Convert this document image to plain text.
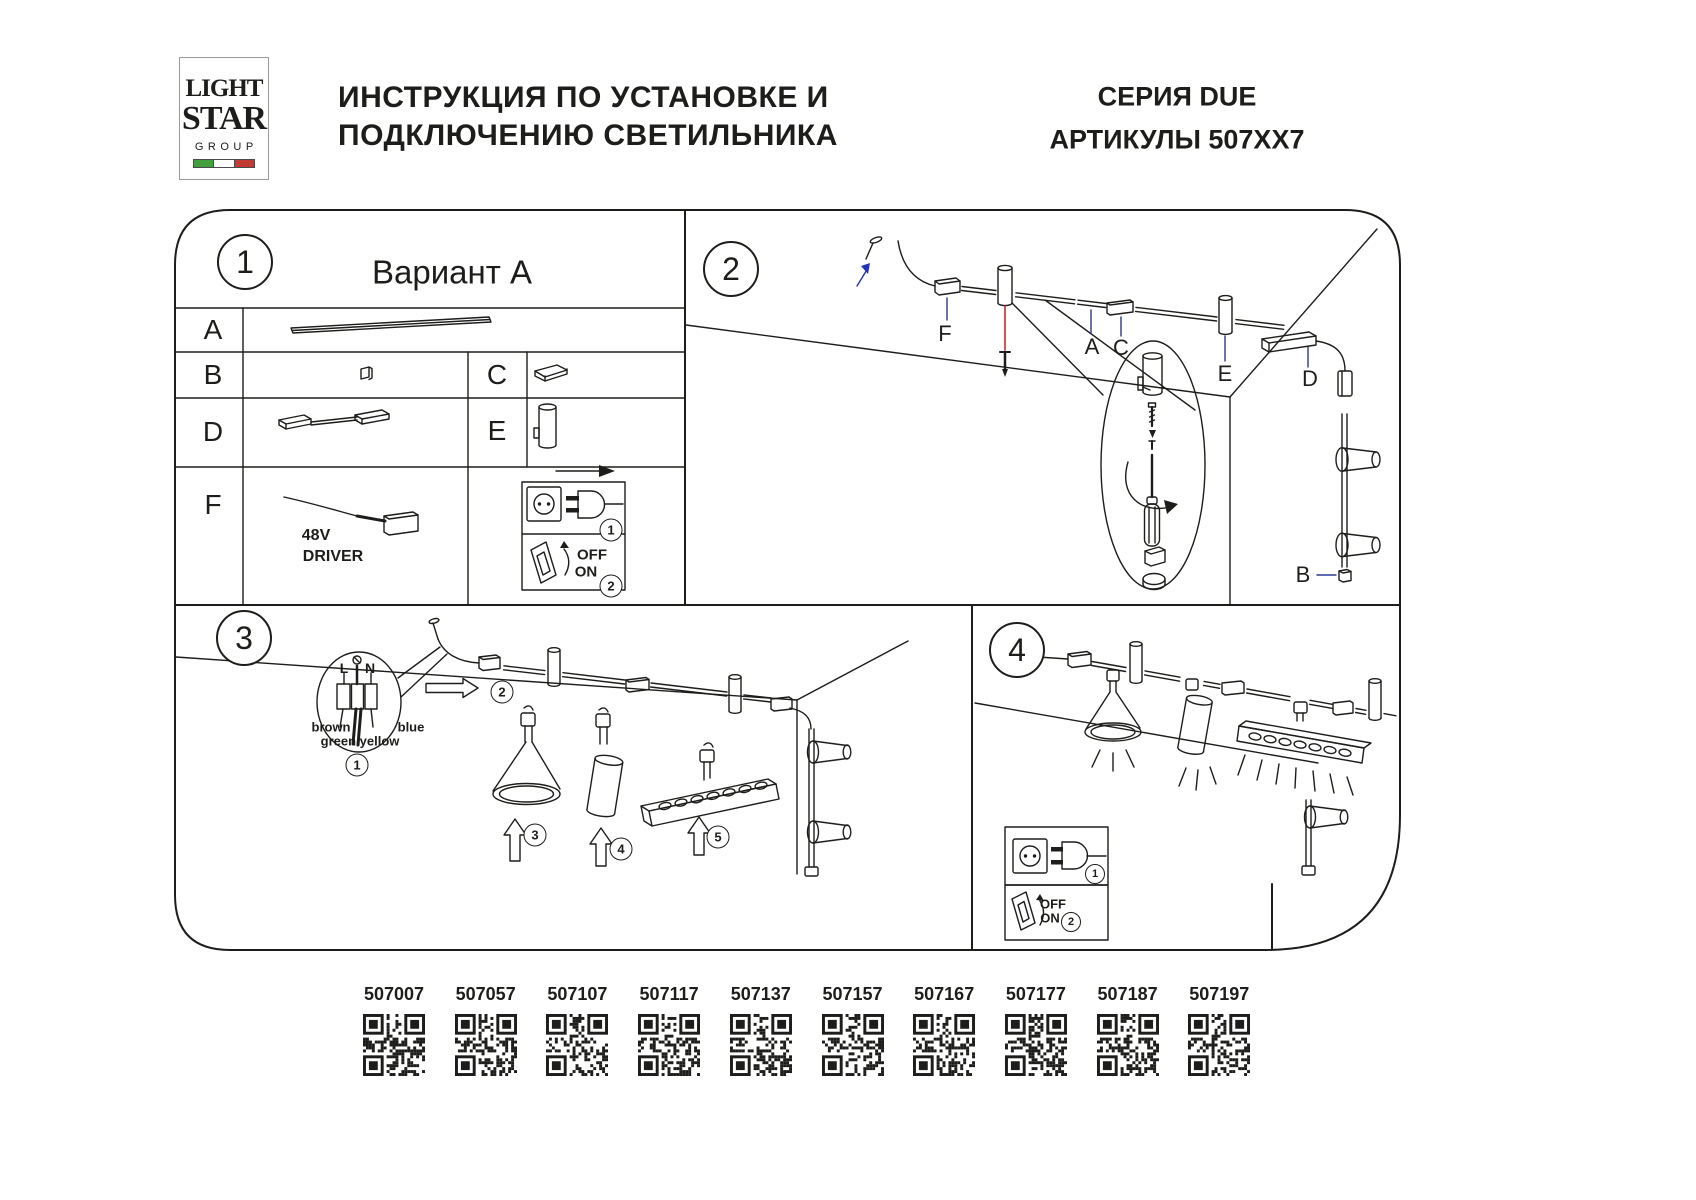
LIGHT
STAR
GROUP
ИНСТРУКЦИЯ ПО УСТАНОВКЕ И
ПОДКЛЮЧЕНИЮ СВЕТИЛЬНИКА
СЕРИЯ DUE
АРТИКУЛЫ 507XX7
1	Вариант А
A
B	C
D	E
F
48V
DRIVER	OFF
ON
1
2
2
F
A C
E	D
B
3
L N
brown	blue
green yellow
1
2
3
4
5
4
OFF
ON
1
2
507007	507057	507107	507117	507137	507157	507167	507177	507187	507197
